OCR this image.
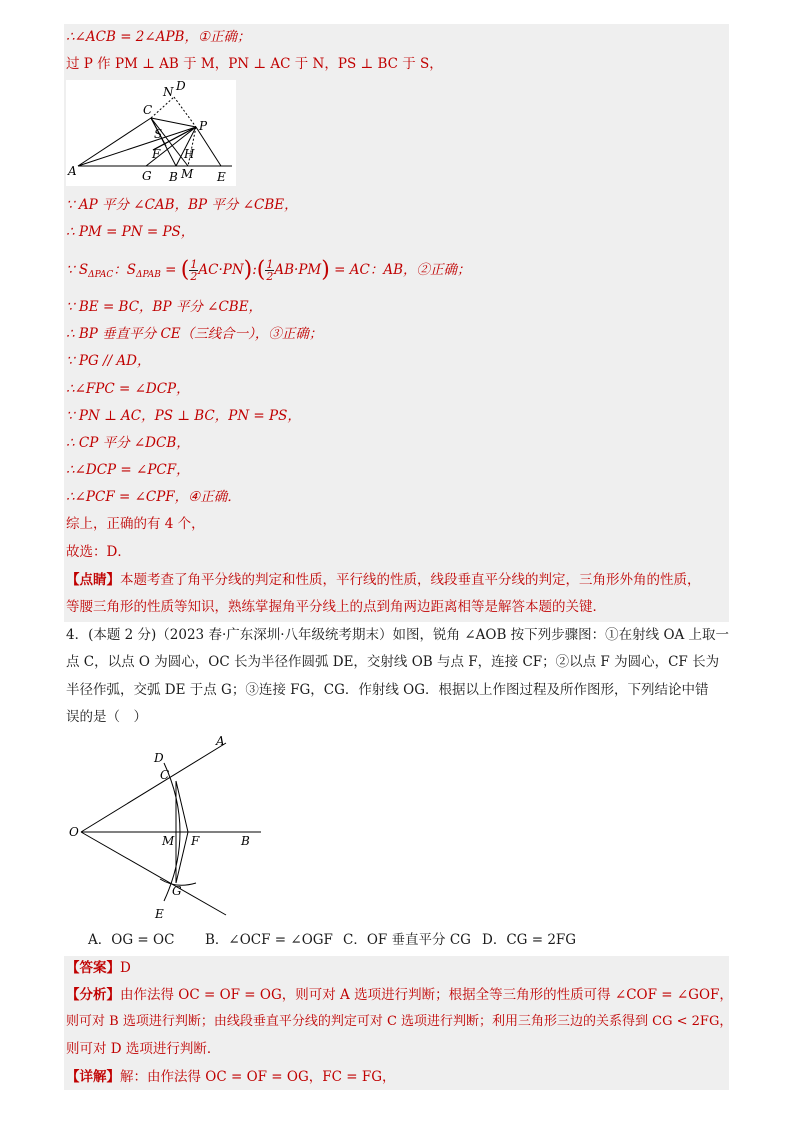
∴∠ACB = 2∠APB，①正确；
过 P 作 PM ⊥ AB 于 M，PN ⊥ AC 于 N，PS ⊥ BC 于 S，
N D
C
P
S
F H
A	G B M E
∵ AP 平分 ∠CAB，BP 平分 ∠CBE，
∴ PM = PN = PS，
∵ $S_{\Delta PAC}$：$S_{\Delta PAB}$ = ( $\frac{1}{2}$ AC·PN):( $\frac{1}{2} AB\cdot PM$) = AC：AB，②正确；
∵ BE = BC，BP 平分 ∠CBE，
∴ BP 垂直平分 CE（三线合一），③正确；
∵ PG // AD，
∴∠FPC = ∠DCP，
∵ PN ⊥ AC，PS ⊥ BC，PN = PS，
∴ CP 平分 ∠DCB，
∴∠DCP = ∠PCF，
∴∠PCF = ∠CPF，④正确．
综上，正确的有 4 个，
故选：D．
【点睛】本题考查了角平分线的判定和性质，平行线的性质，线段垂直平分线的判定，三角形外角的性质，
等腰三角形的性质等知识，熟练掌握角平分线上的点到角两边距离相等是解答本题的关键．
4．(本题 2 分)（2023 春·广东深圳·八年级统考期末）如图，锐角 ∠AOB 按下列步骤图：①在射线 OA 上取一
点 C，以点 O 为圆心，OC 长为半径作圆弧 DE，交射线 OB 与点 F，连接 CF；②以点 F 为圆心，CF 长为
半径作弧，交弧 DE 于点 G；③连接 FG，CG．作射线 OG．根据以上作图过程及所作图形，下列结论中错
误的是（　）
D
A
C
O
M F	B
G
E
A．OG = OC B．∠OCF = ∠OGF C．OF 垂直平分 CG D．CG = 2FG
【答案】D
【分析】由作法得 OC = OF = OG，则可对 A 选项进行判断；根据全等三角形的性质可得 ∠COF = ∠GOF，
则可对 B 选项进行判断；由线段垂直平分线的判定可对 C 选项进行判断；利用三角形三边的关系得到 CG < 2FG，
则可对 D 选项进行判断．
【详解】解：由作法得 OC = OF = OG，FC = FG，
